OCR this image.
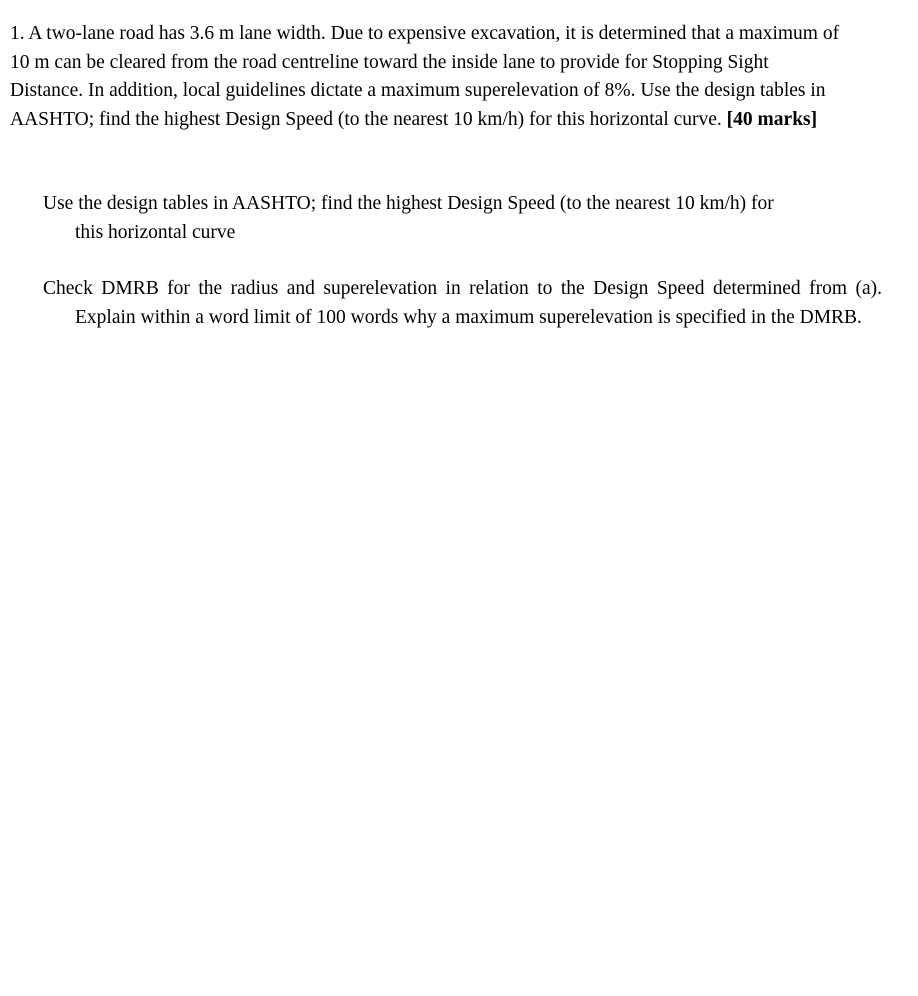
1. A two-lane road has 3.6 m lane width. Due to expensive excavation, it is determined that a maximum of 10 m can be cleared from the road centreline toward the inside lane to provide for Stopping Sight Distance. In addition, local guidelines dictate a maximum superelevation of 8%. Use the design tables in AASHTO; find the highest Design Speed (to the nearest 10 km/h) for this horizontal curve. [40 marks]

Use the design tables in AASHTO; find the highest Design Speed (to the nearest 10 km/h) for this horizontal curve

Check DMRB for the radius and superelevation in relation to the Design Speed determined from (a). Explain within a word limit of 100 words why a maximum superelevation is specified in the DMRB.
